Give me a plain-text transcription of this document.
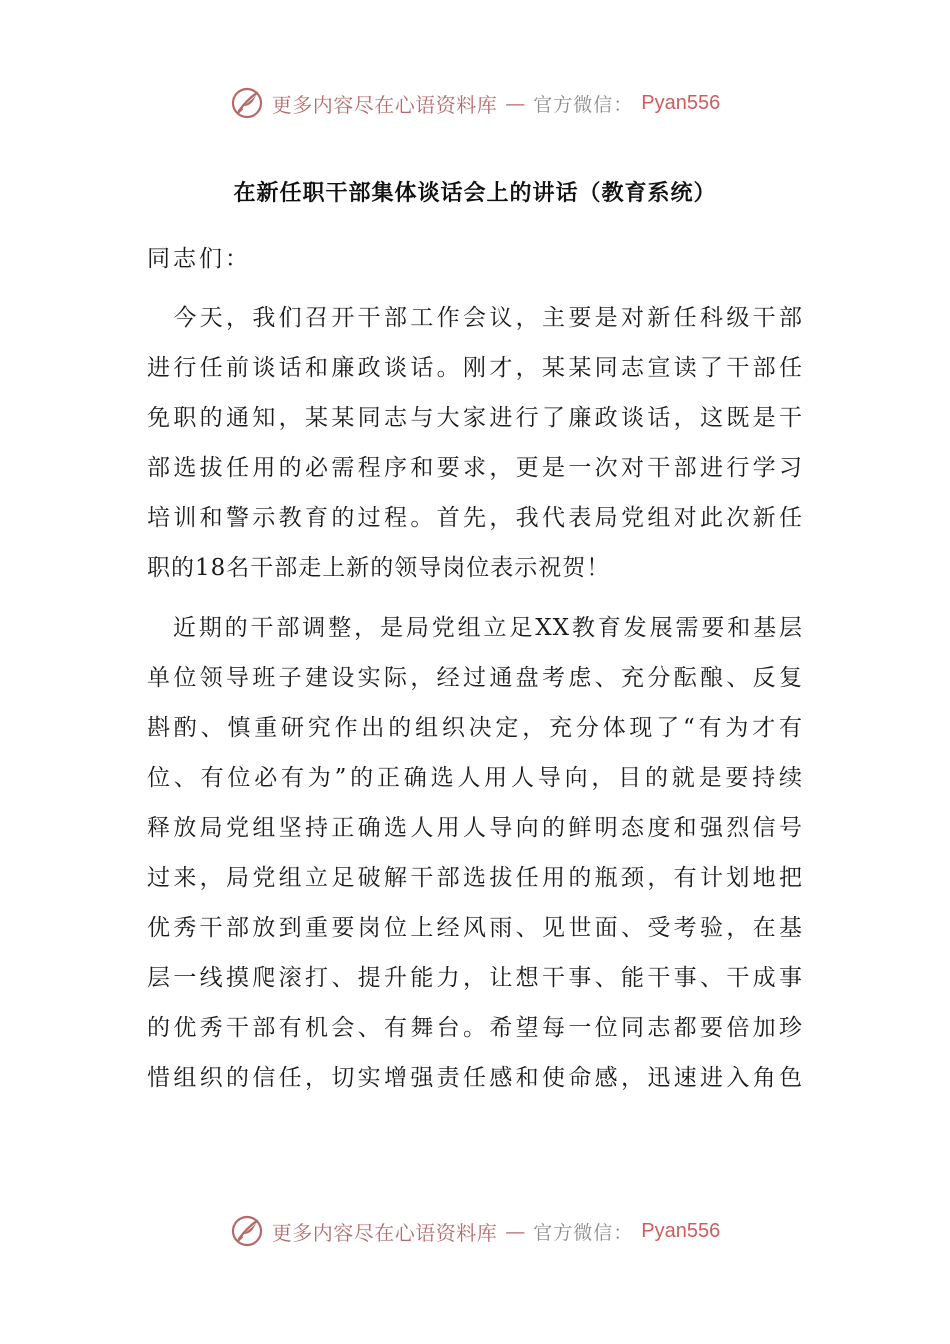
更多内容尽在心语资料库 — 官方微信： Pyan556
在新任职干部集体谈话会上的讲话（教育系统）
同志们：
　今天，我们召开干部工作会议，主要是对新任科级干部
进行任前谈话和廉政谈话。刚才，某某同志宣读了干部任
免职的通知，某某同志与大家进行了廉政谈话，这既是干
部选拔任用的必需程序和要求，更是一次对干部进行学习
培训和警示教育的过程。首先，我代表局党组对此次新任
职的18名干部走上新的领导岗位表示祝贺！
　近期的干部调整，是局党组立足XX教育发展需要和基层
单位领导班子建设实际，经过通盘考虑、充分酝酿、反复
斟酌、慎重研究作出的组织决定，充分体现了“有为才有
位、有位必有为”的正确选人用人导向，目的就是要持续
释放局党组坚持正确选人用人导向的鲜明态度和强烈信号
过来，局党组立足破解干部选拔任用的瓶颈，有计划地把
优秀干部放到重要岗位上经风雨、见世面、受考验，在基
层一线摸爬滚打、提升能力，让想干事、能干事、干成事
的优秀干部有机会、有舞台。希望每一位同志都要倍加珍
惜组织的信任，切实增强责任感和使命感，迅速进入角色
更多内容尽在心语资料库 — 官方微信： Pyan556
